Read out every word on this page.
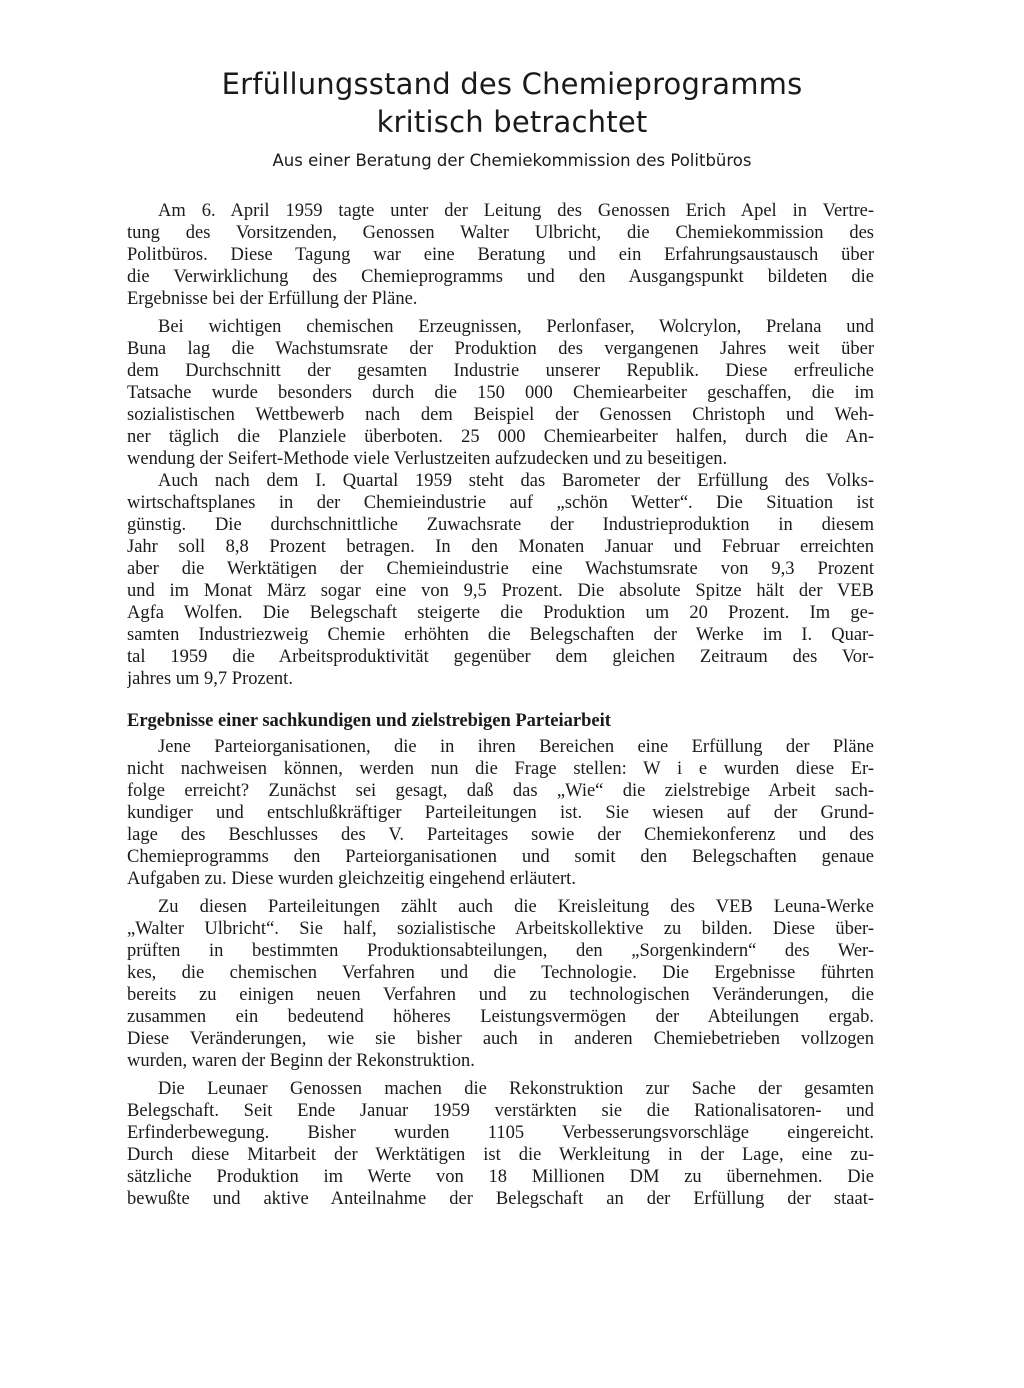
Erfüllungsstand des Chemieprogramms
kritisch betrachtet
Aus einer Beratung der Chemiekommission des Politbüros
Am 6. April 1959 tagte unter der Leitung des Genossen Erich Apel in Vertre-
tung des Vorsitzenden, Genossen Walter Ulbricht, die Chemiekommission des
Politbüros. Diese Tagung war eine Beratung und ein Erfahrungsaustausch über
die Verwirklichung des Chemieprogramms und den Ausgangspunkt bildeten die
Ergebnisse bei der Erfüllung der Pläne.
Bei wichtigen chemischen Erzeugnissen, Perlonfaser, Wolcrylon, Prelana und
Buna lag die Wachstumsrate der Produktion des vergangenen Jahres weit über
dem Durchschnitt der gesamten Industrie unserer Republik. Diese erfreuliche
Tatsache wurde besonders durch die 150 000 Chemiearbeiter geschaffen, die im
sozialistischen Wettbewerb nach dem Beispiel der Genossen Christoph und Weh-
ner täglich die Planziele überboten. 25 000 Chemiearbeiter halfen, durch die An-
wendung der Seifert-Methode viele Verlustzeiten aufzudecken und zu beseitigen.
Auch nach dem I. Quartal 1959 steht das Barometer der Erfüllung des Volks-
wirtschaftsplanes in der Chemieindustrie auf „schön Wetter“. Die Situation ist
günstig. Die durchschnittliche Zuwachsrate der Industrieproduktion in diesem
Jahr soll 8,8 Prozent betragen. In den Monaten Januar und Februar erreichten
aber die Werktätigen der Chemieindustrie eine Wachstumsrate von 9,3 Prozent
und im Monat März sogar eine von 9,5 Prozent. Die absolute Spitze hält der VEB
Agfa Wolfen. Die Belegschaft steigerte die Produktion um 20 Prozent. Im ge-
samten Industriezweig Chemie erhöhten die Belegschaften der Werke im I. Quar-
tal 1959 die Arbeitsproduktivität gegenüber dem gleichen Zeitraum des Vor-
jahres um 9,7 Prozent.
Ergebnisse einer sachkundigen und zielstrebigen Parteiarbeit
Jene Parteiorganisationen, die in ihren Bereichen eine Erfüllung der Pläne
nicht nachweisen können, werden nun die Frage stellen: W i e wurden diese Er-
folge erreicht? Zunächst sei gesagt, daß das „Wie“ die zielstrebige Arbeit sach-
kundiger und entschlußkräftiger Parteileitungen ist. Sie wiesen auf der Grund-
lage des Beschlusses des V. Parteitages sowie der Chemiekonferenz und des
Chemieprogramms den Parteiorganisationen und somit den Belegschaften genaue
Aufgaben zu. Diese wurden gleichzeitig eingehend erläutert.
Zu diesen Parteileitungen zählt auch die Kreisleitung des VEB Leuna-Werke
„Walter Ulbricht“. Sie half, sozialistische Arbeitskollektive zu bilden. Diese über-
prüften in bestimmten Produktionsabteilungen, den „Sorgenkindern“ des Wer-
kes, die chemischen Verfahren und die Technologie. Die Ergebnisse führten
bereits zu einigen neuen Verfahren und zu technologischen Veränderungen, die
zusammen ein bedeutend höheres Leistungsvermögen der Abteilungen ergab.
Diese Veränderungen, wie sie bisher auch in anderen Chemiebetrieben vollzogen
wurden, waren der Beginn der Rekonstruktion.
Die Leunaer Genossen machen die Rekonstruktion zur Sache der gesamten
Belegschaft. Seit Ende Januar 1959 verstärkten sie die Rationalisatoren- und
Erfinderbewegung. Bisher wurden 1105 Verbesserungsvorschläge eingereicht.
Durch diese Mitarbeit der Werktätigen ist die Werkleitung in der Lage, eine zu-
sätzliche Produktion im Werte von 18 Millionen DM zu übernehmen. Die
bewußte und aktive Anteilnahme der Belegschaft an der Erfüllung der staat-
